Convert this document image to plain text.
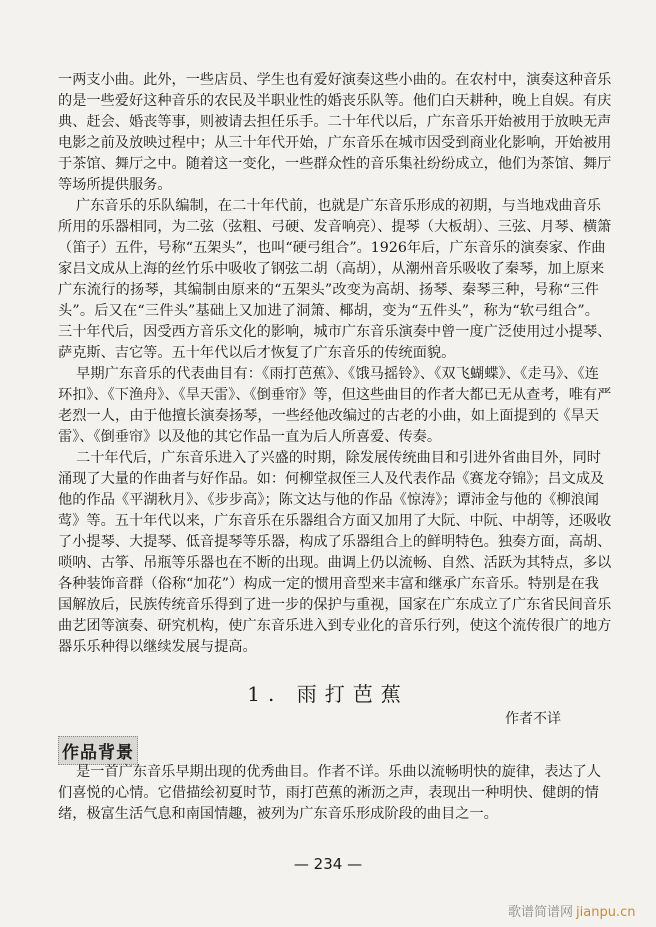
一两支小曲。此外，一些店员、学生也有爱好演奏这些小曲的。在农村中，演奏这种音乐
的是一些爱好这种音乐的农民及半职业性的婚丧乐队等。他们白天耕种，晚上自娱。有庆
典、赶会、婚丧等事，则被请去担任乐手。二十年代以后，广东音乐开始被用于放映无声
电影之前及放映过程中；从三十年代开始，广东音乐在城市因受到商业化影响，开始被用
于茶馆、舞厅之中。随着这一变化，一些群众性的音乐集社纷纷成立，他们为茶馆、舞厅
等场所提供服务。
广东音乐的乐队编制，在二十年代前，也就是广东音乐形成的初期，与当地戏曲音乐
所用的乐器相同，为二弦（弦粗、弓硬、发音响亮）、提琴（大板胡）、三弦、月琴、横箫
（笛子）五件，号称“五架头”，也叫“硬弓组合”。1926年后，广东音乐的演奏家、作曲
家吕文成从上海的丝竹乐中吸收了钢弦二胡（高胡），从潮州音乐吸收了秦琴，加上原来
广东流行的扬琴，其编制由原来的“五架头”改变为高胡、扬琴、秦琴三种，号称“三件
头”。后又在“三件头”基础上又加进了洞箫、椰胡，变为“五件头”，称为“软弓组合”。
三十年代后，因受西方音乐文化的影响，城市广东音乐演奏中曾一度广泛使用过小提琴、
萨克斯、吉它等。五十年代以后才恢复了广东音乐的传统面貌。
早期广东音乐的代表曲目有：《雨打芭蕉》、《饿马摇铃》、《双飞蝴蝶》、《走马》、《连
环扣》、《下渔舟》、《旱天雷》、《倒垂帘》等，但这些曲目的作者大都已无从查考，唯有严
老烈一人，由于他擅长演奏扬琴，一些经他改编过的古老的小曲，如上面提到的《旱天
雷》、《倒垂帘》以及他的其它作品一直为后人所喜爱、传奏。
二十年代后，广东音乐进入了兴盛的时期，除发展传统曲目和引进外省曲目外，同时
涌现了大量的作曲者与好作品。如：何柳堂叔侄三人及代表作品《赛龙夺锦》；吕文成及
他的作品《平湖秋月》、《步步高》；陈文达与他的作品《惊涛》；谭沛金与他的《柳浪闻
莺》等。五十年代以来，广东音乐在乐器组合方面又加用了大阮、中阮、中胡等，还吸收
了小提琴、大提琴、低音提琴等乐器，构成了乐器组合上的鲜明特色。独奏方面，高胡、
唢呐、古筝、吊瓶等乐器也在不断的出现。曲调上仍以流畅、自然、活跃为其特点，多以
各种装饰音群（俗称“加花”）构成一定的惯用音型来丰富和继承广东音乐。特别是在我
国解放后，民族传统音乐得到了进一步的保护与重视，国家在广东成立了广东省民间音乐
曲艺团等演奏、研究机构，使广东音乐进入到专业化的音乐行列，使这个流传很广的地方
器乐乐种得以继续发展与提高。
1. 雨打芭蕉
作者不详
作品背景
是一首广东音乐早期出现的优秀曲目。作者不详。乐曲以流畅明快的旋律，表达了人
们喜悦的心情。它借描绘初夏时节，雨打芭蕉的淅沥之声，表现出一种明快、健朗的情
绪，极富生活气息和南国情趣，被列为广东音乐形成阶段的曲目之一。
— 234 —
歌谱简谱网 jianpu.cn
